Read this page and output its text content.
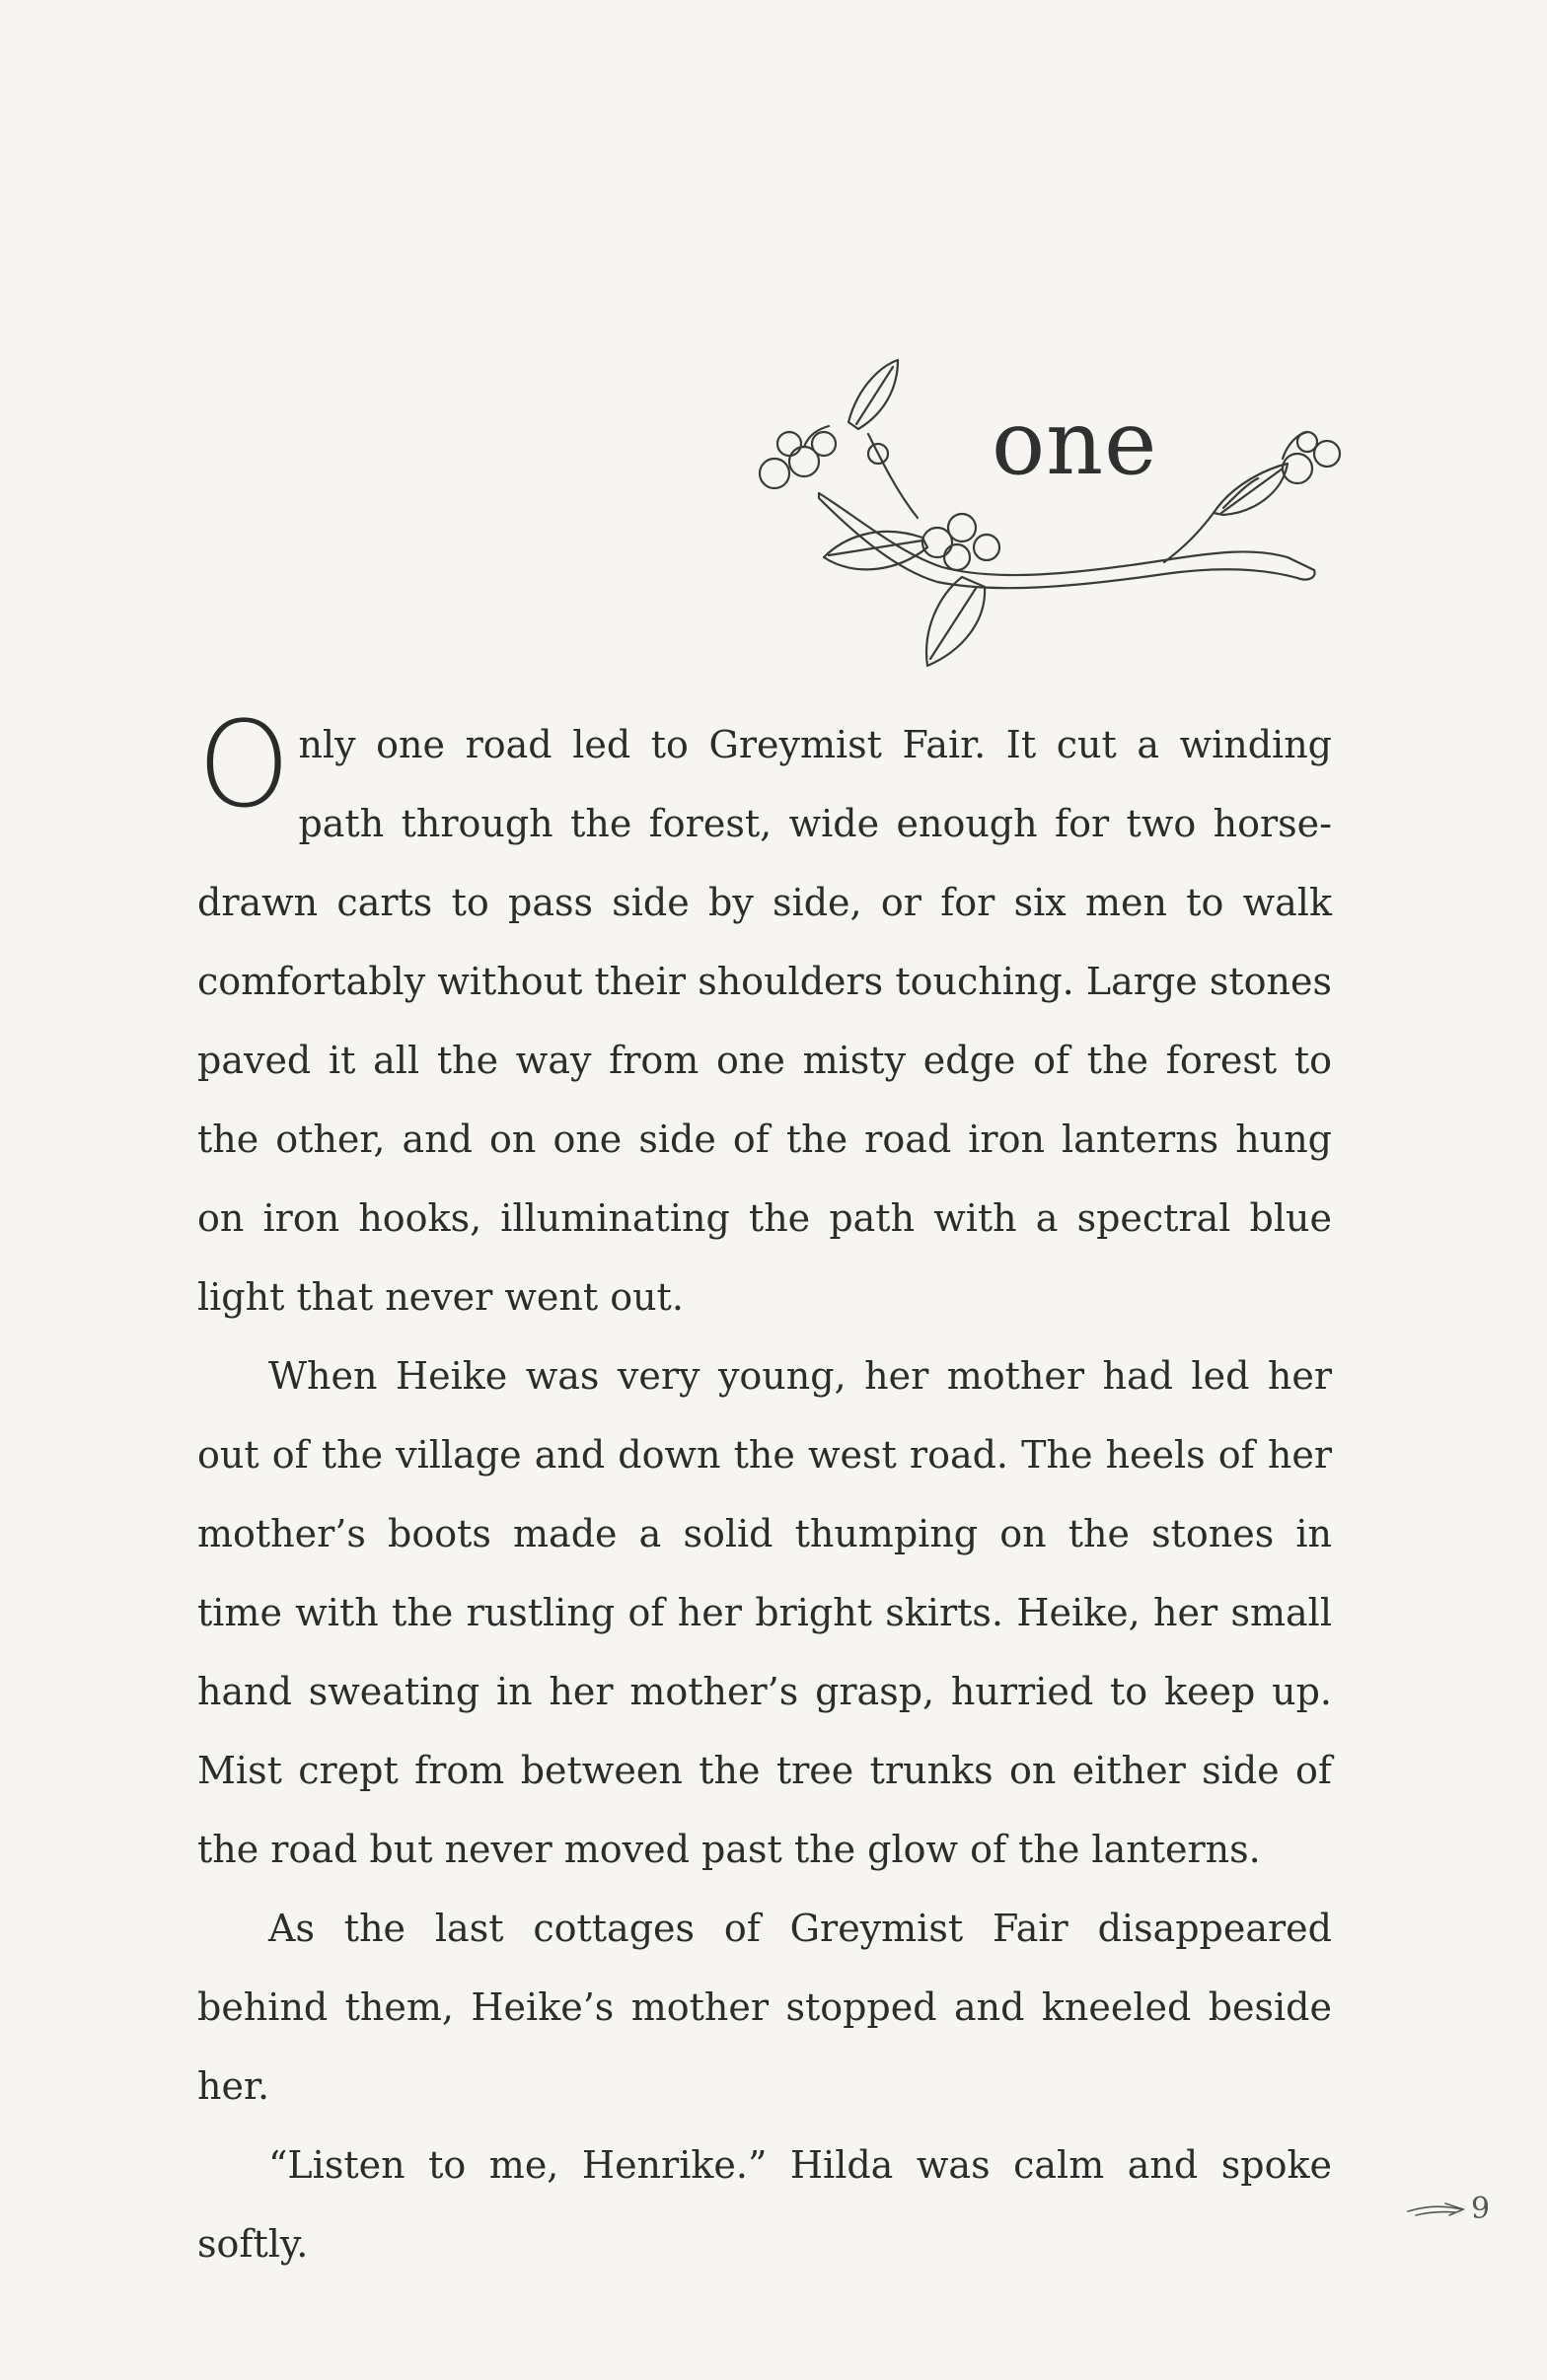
one

Only one road led to Greymist Fair. It cut a winding path through the forest, wide enough for two horse-drawn carts to pass side by side, or for six men to walk comfortably without their shoulders touching. Large stones paved it all the way from one misty edge of the forest to the other, and on one side of the road iron lanterns hung on iron hooks, illuminating the path with a spectral blue light that never went out.

When Heike was very young, her mother had led her out of the village and down the west road. The heels of her mother’s boots made a solid thumping on the stones in time with the rustling of her bright skirts. Heike, her small hand sweating in her mother’s grasp, hurried to keep up. Mist crept from between the tree trunks on either side of the road but never moved past the glow of the lanterns.

As the last cottages of Greymist Fair disappeared behind them, Heike’s mother stopped and kneeled beside her.

“Listen to me, Henrike.” Hilda was calm and spoke softly.

9
